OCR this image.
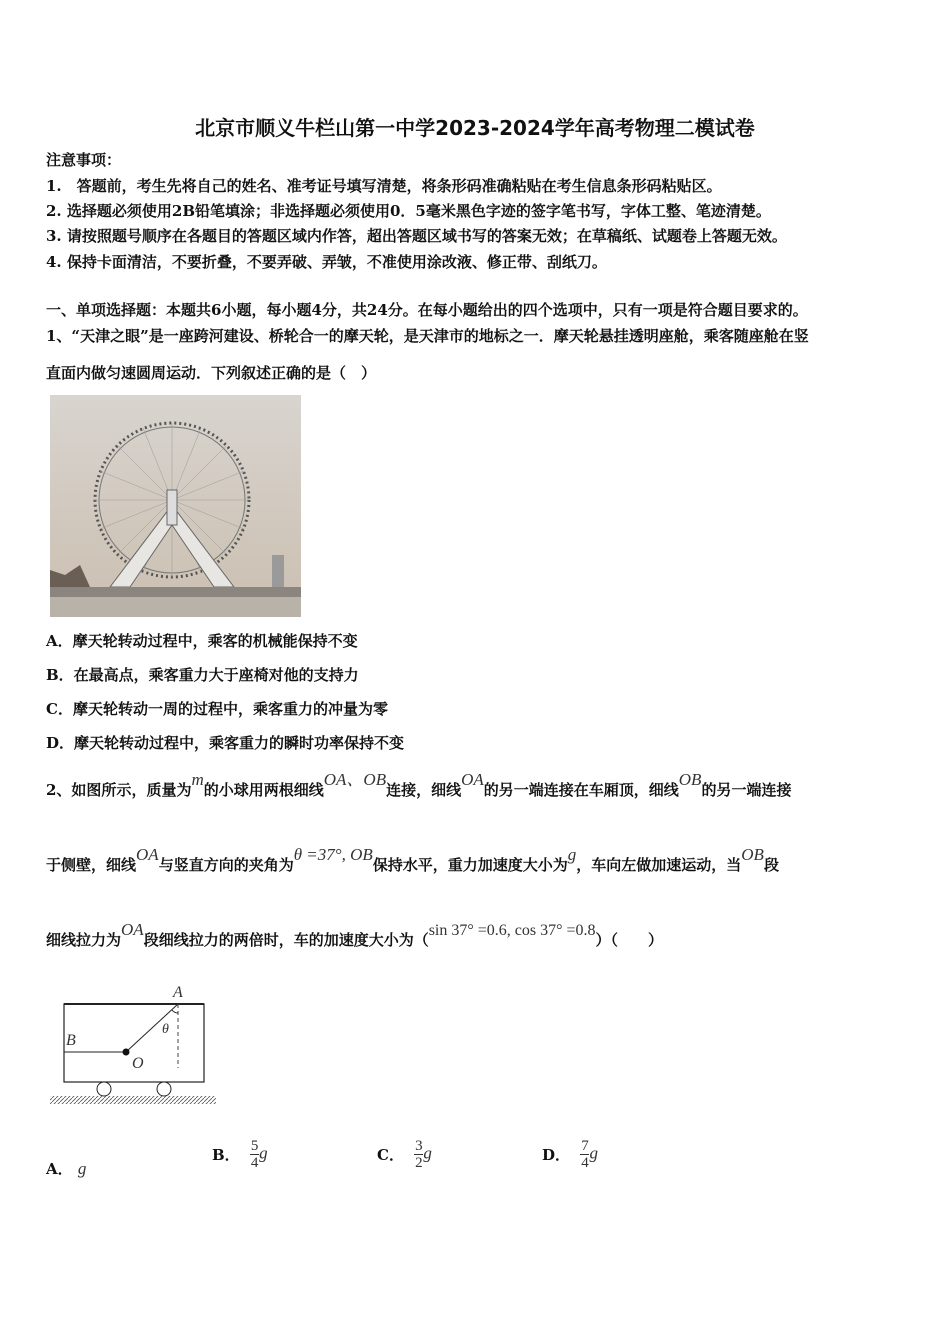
北京市顺义牛栏山第一中学2023-2024学年高考物理二模试卷
注意事项：
1.　答题前，考生先将自己的姓名、准考证号填写清楚，将条形码准确粘贴在考生信息条形码粘贴区。
2. 选择题必须使用2B铅笔填涂；非选择题必须使用0．5毫米黑色字迹的签字笔书写，字体工整、笔迹清楚。
3. 请按照题号顺序在各题目的答题区域内作答，超出答题区域书写的答案无效；在草稿纸、试题卷上答题无效。
4. 保持卡面清洁，不要折叠，不要弄破、弄皱，不准使用涂改液、修正带、刮纸刀。
一、单项选择题：本题共6小题，每小题4分，共24分。在每小题给出的四个选项中，只有一项是符合题目要求的。
1、“天津之眼”是一座跨河建设、桥轮合一的摩天轮，是天津市的地标之一．摩天轮悬挂透明座舱，乘客随座舱在竖
直面内做匀速圆周运动．下列叙述正确的是（　）
A．摩天轮转动过程中，乘客的机械能保持不变
B．在最高点，乘客重力大于座椅对他的支持力
C．摩天轮转动一周的过程中，乘客重力的冲量为零
D．摩天轮转动过程中，乘客重力的瞬时功率保持不变
2、如图所示，质量为m的小球用两根细线OA、OB连接，细线OA的另一端连接在车厢顶，细线OB的另一端连接
于侧壁，细线OA与竖直方向的夹角为θ =37°, OB保持水平，重力加速度大小为g，车向左做加速运动，当OB段
细线拉力为OA段细线拉力的两倍时，车的加速度大小为（sin 37° =0.6, cos 37° =0.8）（　　）
A
B
O
θ
A． g
B． $\frac{5}{4}$ g	C． $\frac{3}{2}$ g	D． $\frac{7}{4}$ g
